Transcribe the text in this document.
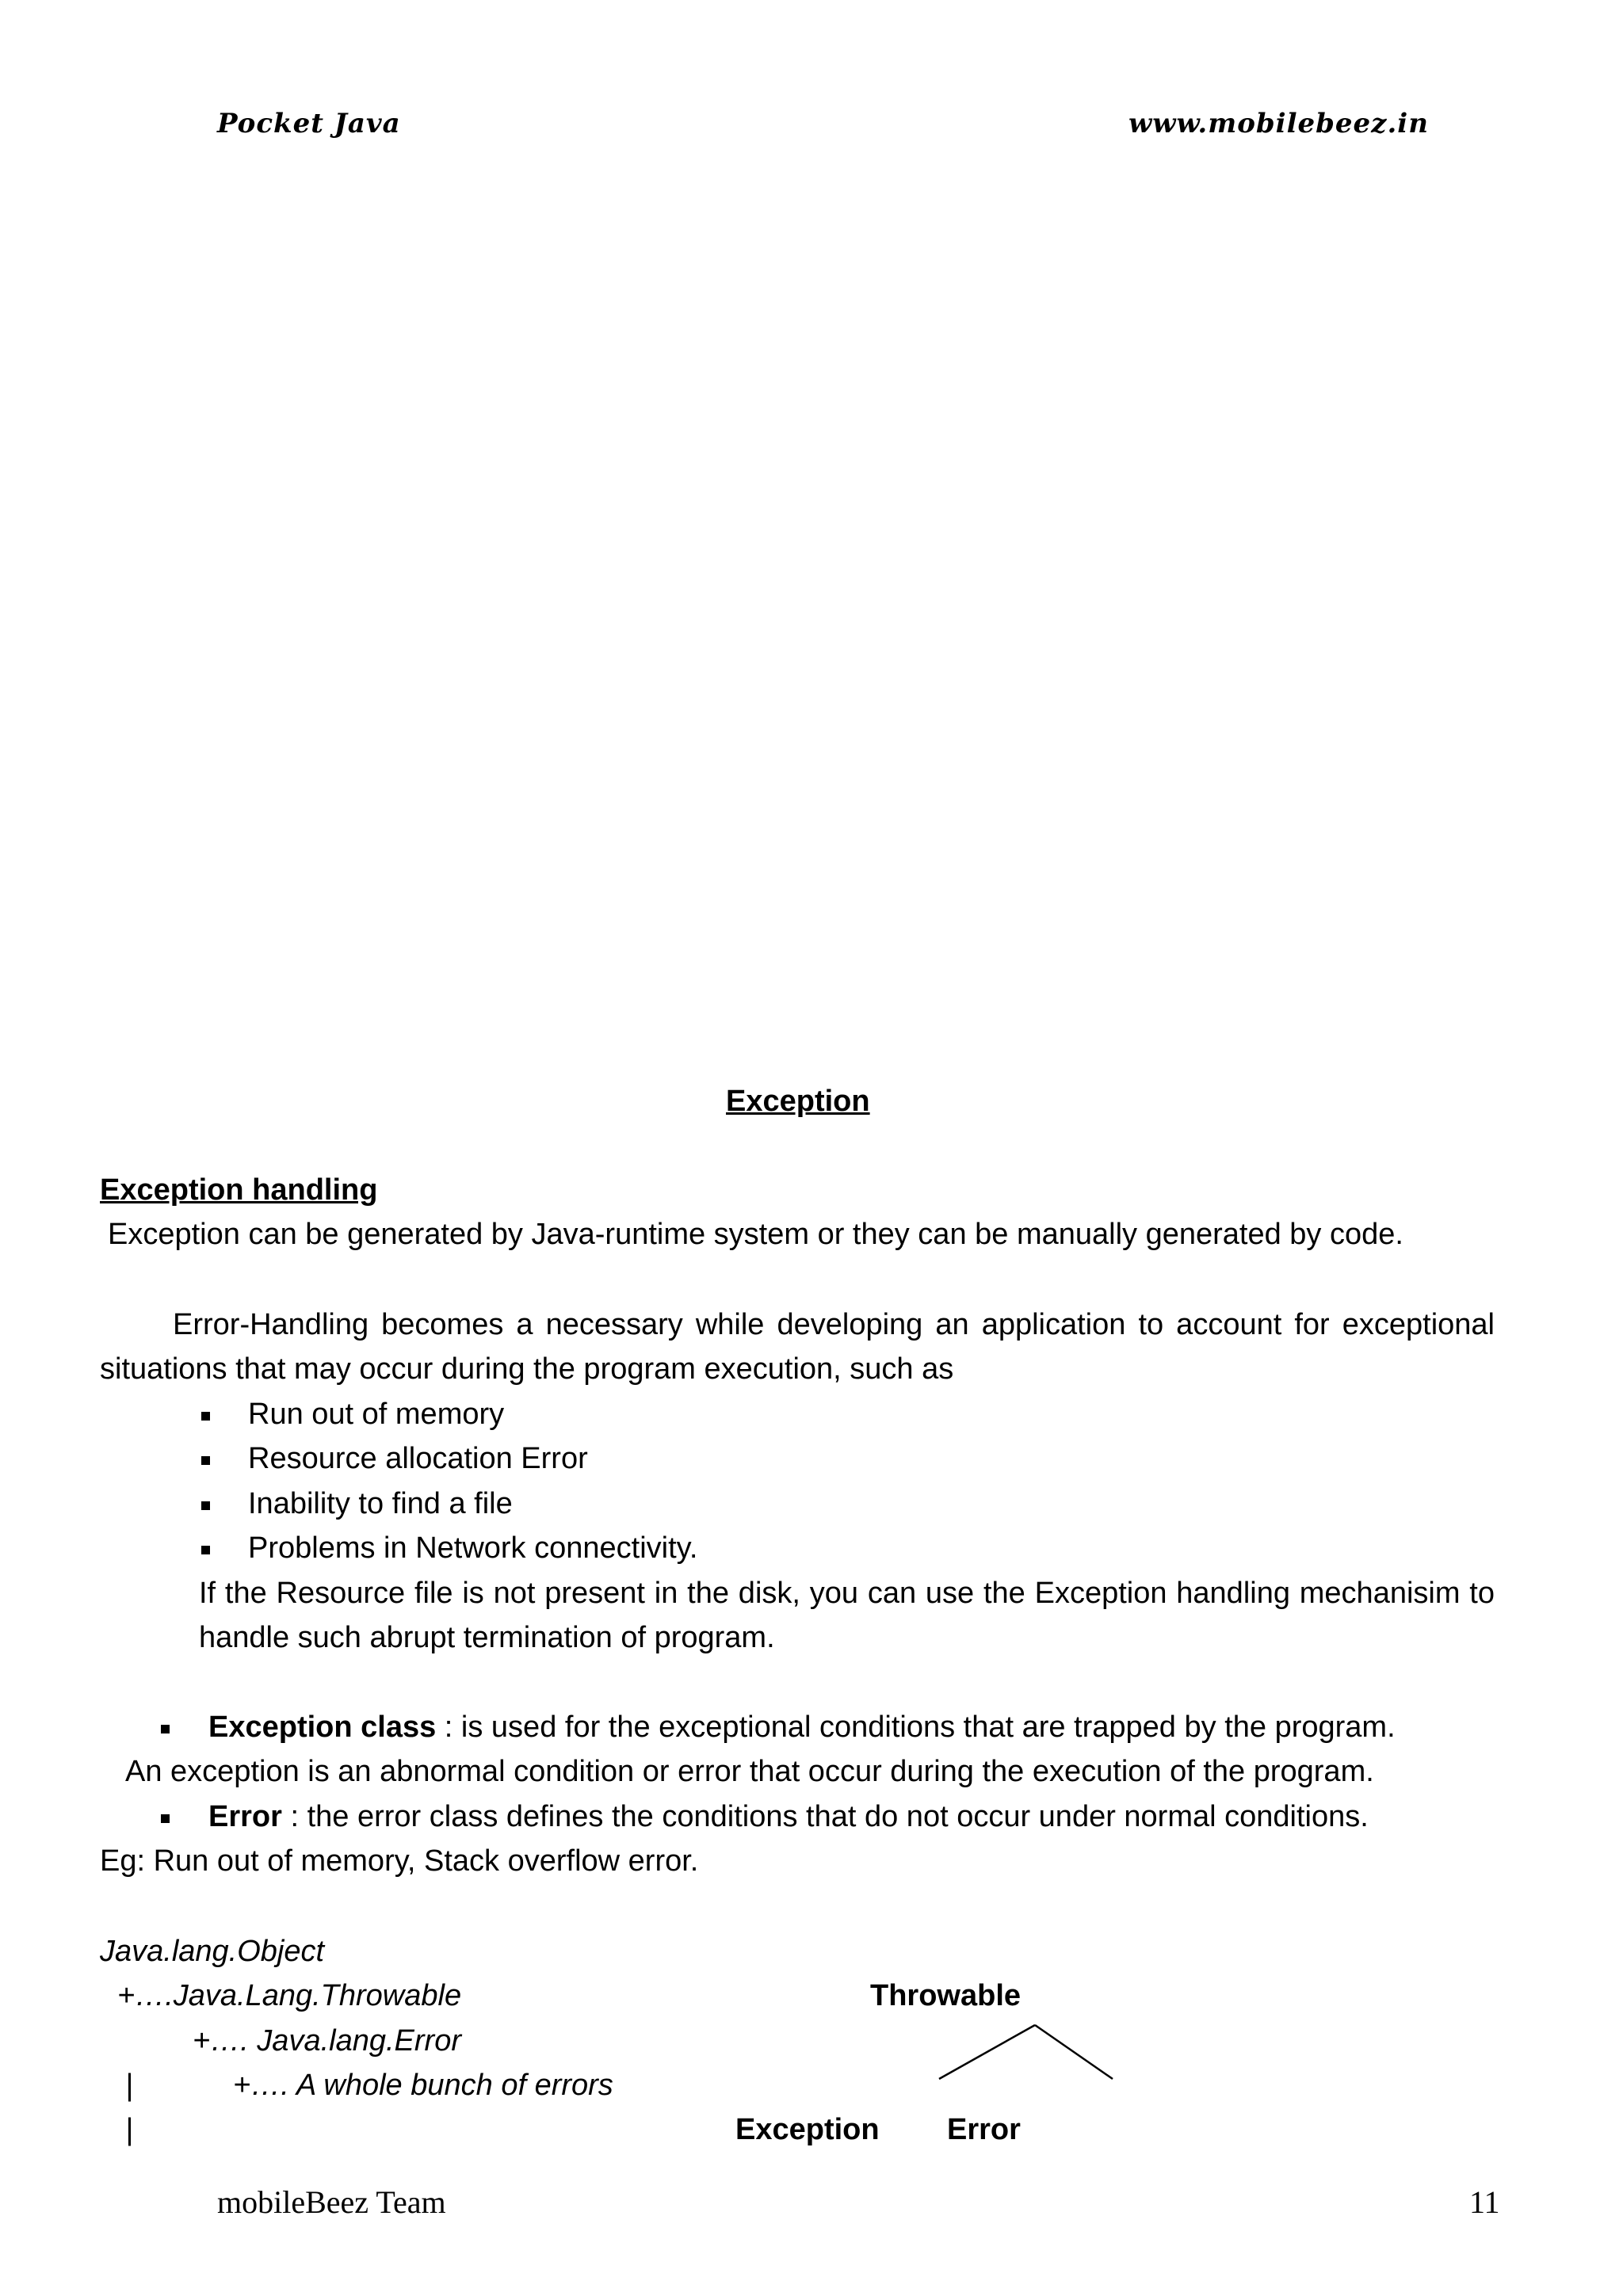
Pocket Java	www.mobilebeez.in
Exception
Exception handling
Exception can be generated by Java-runtime system or they can be manually generated by code.
Error-Handling becomes a necessary while developing an application to account for exceptional
situations that may occur during the program execution, such as
Run out of memory
Resource allocation Error
Inability to find a file
Problems in Network connectivity.
If the Resource file is not present in the disk, you can use the Exception handling mechanisim to
handle such abrupt termination of program.
Exception class : is used for the exceptional conditions that are trapped by the program.
An exception is an abnormal condition or error that occur during the execution of the program.
Error : the error class defines the conditions that do not occur under normal conditions.
Eg: Run out of memory, Stack overflow error.
Java.lang.Object
+….Java.Lang.Throwable
+…. Java.lang.Error
|	+…. A whole bunch of errors
|
Throwable
Exception Error
mobileBeez Team	11
